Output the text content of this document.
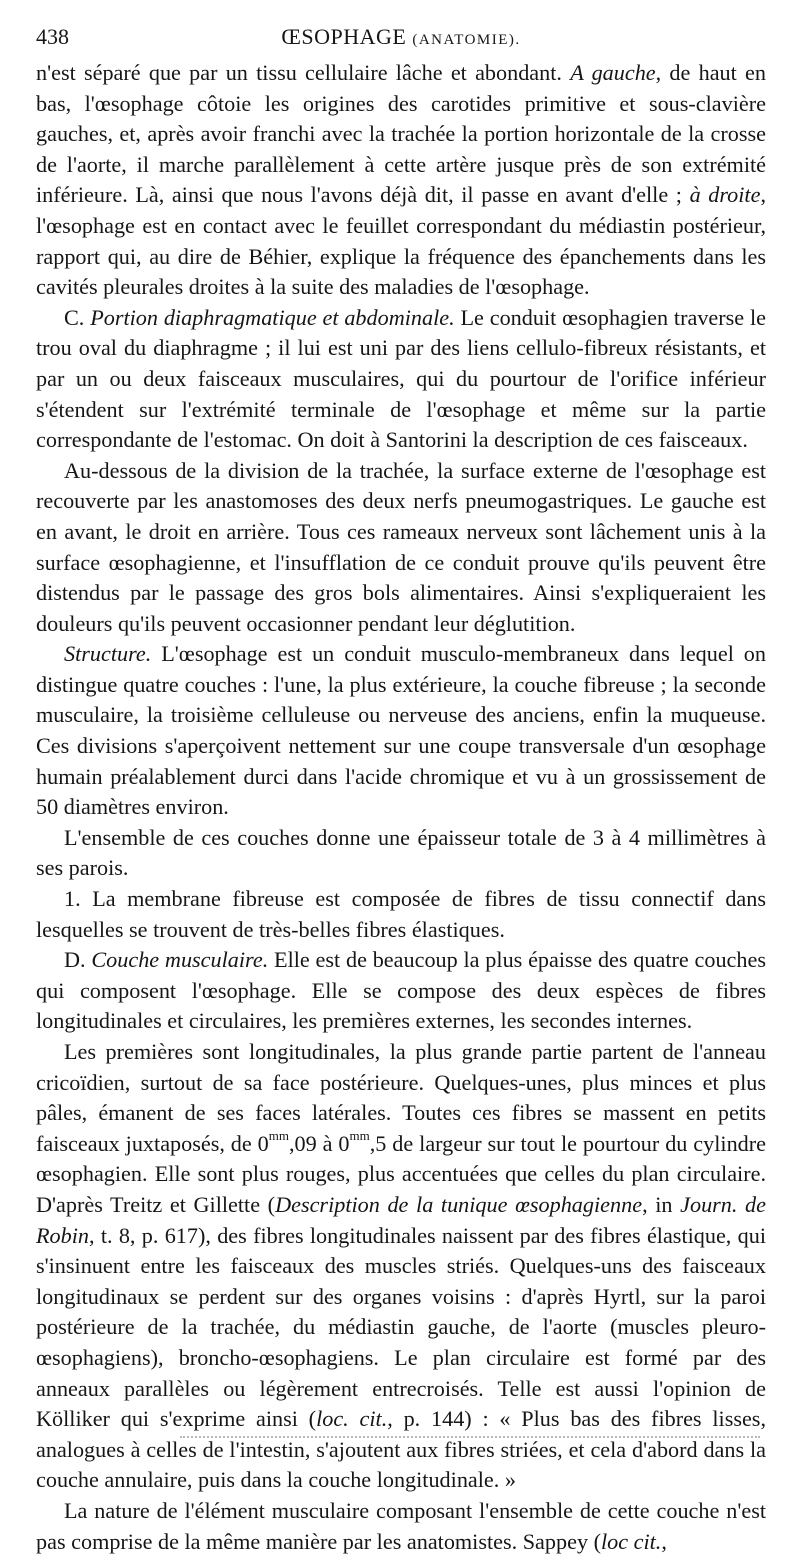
438	ŒSOPHAGE (ANATOMIE).

n'est séparé que par un tissu cellulaire lâche et abondant. A gauche, de haut en bas, l'œsophage côtoie les origines des carotides primitive et sous-clavière gauches, et, après avoir franchi avec la trachée la portion horizontale de la crosse de l'aorte, il marche parallèlement à cette artère jusque près de son extrémité inférieure. Là, ainsi que nous l'avons déjà dit, il passe en avant d'elle ; à droite, l'œsophage est en contact avec le feuillet correspondant du médiastin postérieur, rapport qui, au dire de Béhier, explique la fréquence des épanchements dans les cavités pleurales droites à la suite des maladies de l'œsophage.

C. Portion diaphragmatique et abdominale. Le conduit œsophagien traverse le trou oval du diaphragme ; il lui est uni par des liens cellulo-fibreux résistants, et par un ou deux faisceaux musculaires, qui du pourtour de l'orifice inférieur s'étendent sur l'extrémité terminale de l'œsophage et même sur la partie correspondante de l'estomac. On doit à Santorini la description de ces faisceaux.

Au-dessous de la division de la trachée, la surface externe de l'œsophage est recouverte par les anastomoses des deux nerfs pneumogastriques. Le gauche est en avant, le droit en arrière. Tous ces rameaux nerveux sont lâchement unis à la surface œsophagienne, et l'insufflation de ce conduit prouve qu'ils peuvent être distendus par le passage des gros bols alimentaires. Ainsi s'expliqueraient les douleurs qu'ils peuvent occasionner pendant leur déglutition.

Structure. L'œsophage est un conduit musculo-membraneux dans lequel on distingue quatre couches : l'une, la plus extérieure, la couche fibreuse ; la seconde musculaire, la troisième celluleuse ou nerveuse des anciens, enfin la muqueuse. Ces divisions s'aperçoivent nettement sur une coupe transversale d'un œsophage humain préalablement durci dans l'acide chromique et vu à un grossissement de 50 diamètres environ.

L'ensemble de ces couches donne une épaisseur totale de 3 à 4 millimètres à ses parois.

1. La membrane fibreuse est composée de fibres de tissu connectif dans lesquelles se trouvent de très-belles fibres élastiques.

D. Couche musculaire. Elle est de beaucoup la plus épaisse des quatre couches qui composent l'œsophage. Elle se compose des deux espèces de fibres longitudinales et circulaires, les premières externes, les secondes internes.

Les premières sont longitudinales, la plus grande partie partent de l'anneau cricoïdien, surtout de sa face postérieure. Quelques-unes, plus minces et plus pâles, émanent de ses faces latérales. Toutes ces fibres se massent en petits faisceaux juxtaposés, de $0^{mm},09$ à $0^{mm},5$ de largeur sur tout le pourtour du cylindre œsophagien. Elle sont plus rouges, plus accentuées que celles du plan circulaire. D'après Treitz et Gillette (Description de la tunique œsophagienne, in Journ. de Robin, t. 8, p. 617), des fibres longitudinales naissent par des fibres élastique, qui s'insinuent entre les faisceaux des muscles striés. Quelques-uns des faisceaux longitudinaux se perdent sur des organes voisins : d'après Hyrtl, sur la paroi postérieure de la trachée, du médiastin gauche, de l'aorte (muscles pleuro-œsophagiens), broncho-œsophagiens. Le plan circulaire est formé par des anneaux parallèles ou légèrement entrecroisés. Telle est aussi l'opinion de Kölliker qui s'exprime ainsi (loc. cit., p. 144) : « Plus bas des fibres lisses, analogues à celles de l'intestin, s'ajoutent aux fibres striées, et cela d'abord dans la couche annulaire, puis dans la couche longitudinale. »

La nature de l'élément musculaire composant l'ensemble de cette couche n'est pas comprise de la même manière par les anatomistes. Sappey (loc cit.,
